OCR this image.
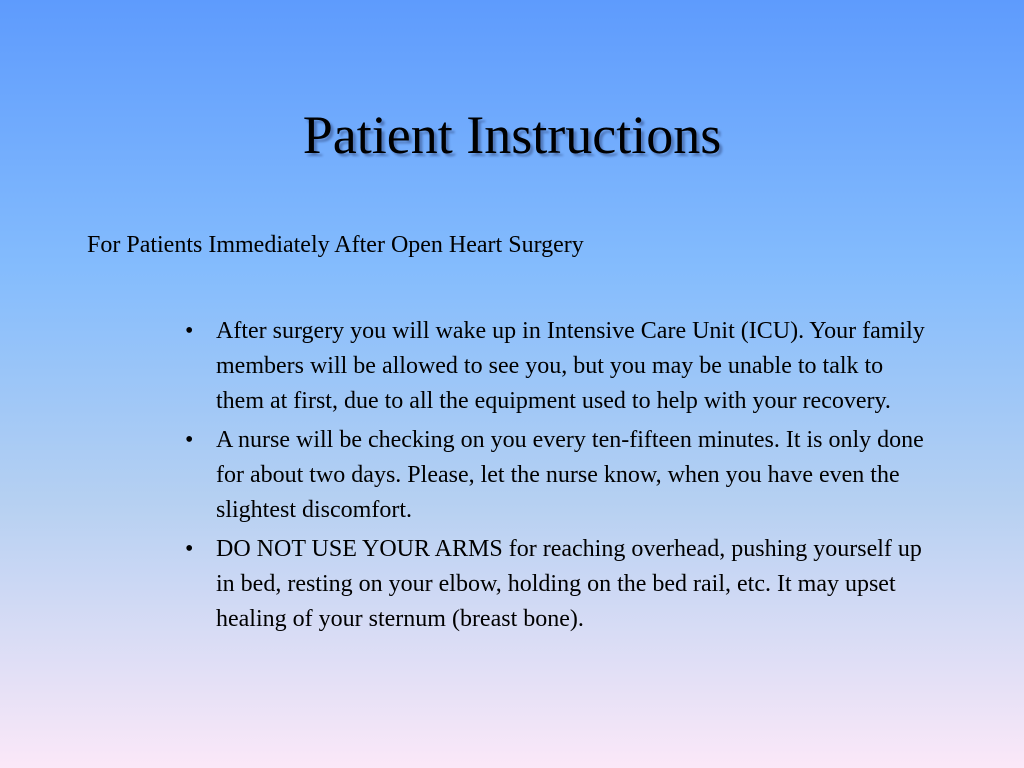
Patient Instructions

For Patients Immediately After Open Heart Surgery

• After surgery you will wake up in Intensive Care Unit (ICU). Your family members will be allowed to see you, but you may be unable to talk to them at first, due to all the equipment used to help with your recovery.
• A nurse will be checking on you every ten-fifteen minutes. It is only done for about two days. Please, let the nurse know, when you have even the slightest discomfort.
• DO NOT USE YOUR ARMS for reaching overhead, pushing yourself up in bed, resting on your elbow, holding on the bed rail, etc. It may upset healing of your sternum (breast bone).
